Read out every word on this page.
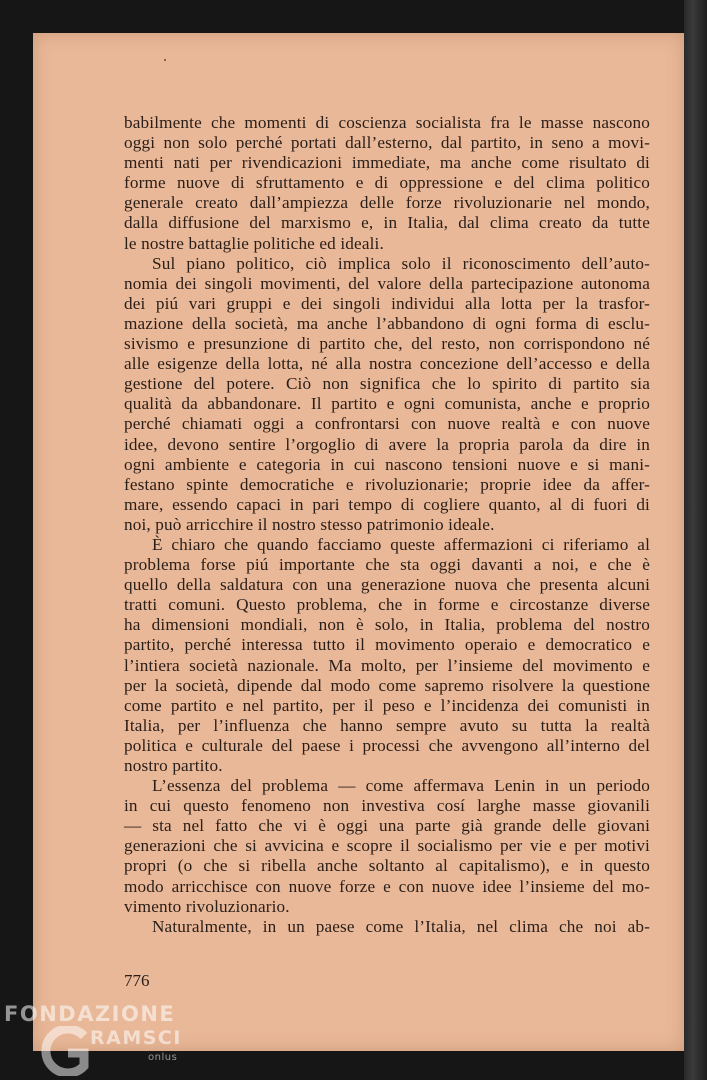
babilmente che momenti di coscienza socialista fra le masse nascono
oggi non solo perché portati dall’esterno, dal partito, in seno a movi-
menti nati per rivendicazioni immediate, ma anche come risultato di
forme nuove di sfruttamento e di oppressione e del clima politico
generale creato dall’ampiezza delle forze rivoluzionarie nel mondo,
dalla diffusione del marxismo e, in Italia, dal clima creato da tutte
le nostre battaglie politiche ed ideali.
Sul piano politico, ciò implica solo il riconoscimento dell’auto-
nomia dei singoli movimenti, del valore della partecipazione autonoma
dei piú vari gruppi e dei singoli individui alla lotta per la trasfor-
mazione della società, ma anche l’abbandono di ogni forma di esclu-
sivismo e presunzione di partito che, del resto, non corrispondono né
alle esigenze della lotta, né alla nostra concezione dell’accesso e della
gestione del potere. Ciò non significa che lo spirito di partito sia
qualità da abbandonare. Il partito e ogni comunista, anche e proprio
perché chiamati oggi a confrontarsi con nuove realtà e con nuove
idee, devono sentire l’orgoglio di avere la propria parola da dire in
ogni ambiente e categoria in cui nascono tensioni nuove e si mani-
festano spinte democratiche e rivoluzionarie; proprie idee da affer-
mare, essendo capaci in pari tempo di cogliere quanto, al di fuori di
noi, può arricchire il nostro stesso patrimonio ideale.
È chiaro che quando facciamo queste affermazioni ci riferiamo al
problema forse piú importante che sta oggi davanti a noi, e che è
quello della saldatura con una generazione nuova che presenta alcuni
tratti comuni. Questo problema, che in forme e circostanze diverse
ha dimensioni mondiali, non è solo, in Italia, problema del nostro
partito, perché interessa tutto il movimento operaio e democratico e
l’intiera società nazionale. Ma molto, per l’insieme del movimento e
per la società, dipende dal modo come sapremo risolvere la questione
come partito e nel partito, per il peso e l’incidenza dei comunisti in
Italia, per l’influenza che hanno sempre avuto su tutta la realtà
politica e culturale del paese i processi che avvengono all’interno del
nostro partito.
L’essenza del problema — come affermava Lenin in un periodo
in cui questo fenomeno non investiva cosí larghe masse giovanili
— sta nel fatto che vi è oggi una parte già grande delle giovani
generazioni che si avvicina e scopre il socialismo per vie e per motivi
propri (o che si ribella anche soltanto al capitalismo), e in questo
modo arricchisce con nuove forze e con nuove idee l’insieme del mo-
vimento rivoluzionario.
Naturalmente, in un paese come l’Italia, nel clima che noi ab-
776
FONDAZIONE
RAMSCI
onlus
